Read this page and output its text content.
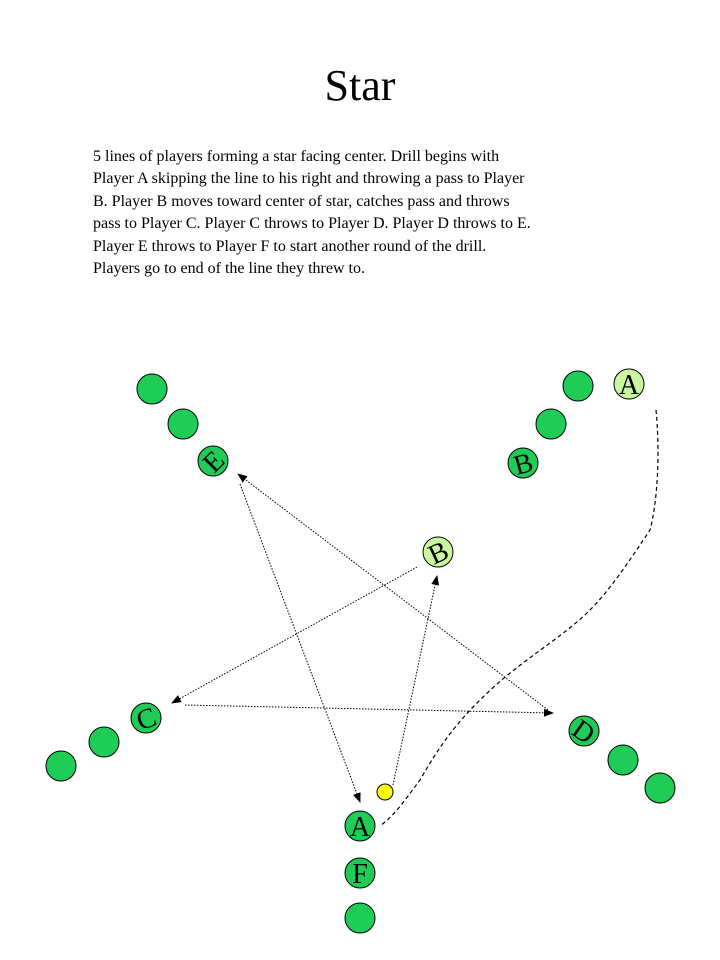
Star
5 lines of players forming a star facing center. Drill begins with
Player A skipping the line to his right and throwing a pass to Player
B. Player B moves toward center of star, catches pass and throws
pass to Player C. Player C throws to Player D. Player D throws to E.
Player E throws to Player F to start another round of the drill.
Players go to end of the line they threw to.
E
A
B
B
C	D
A
F
